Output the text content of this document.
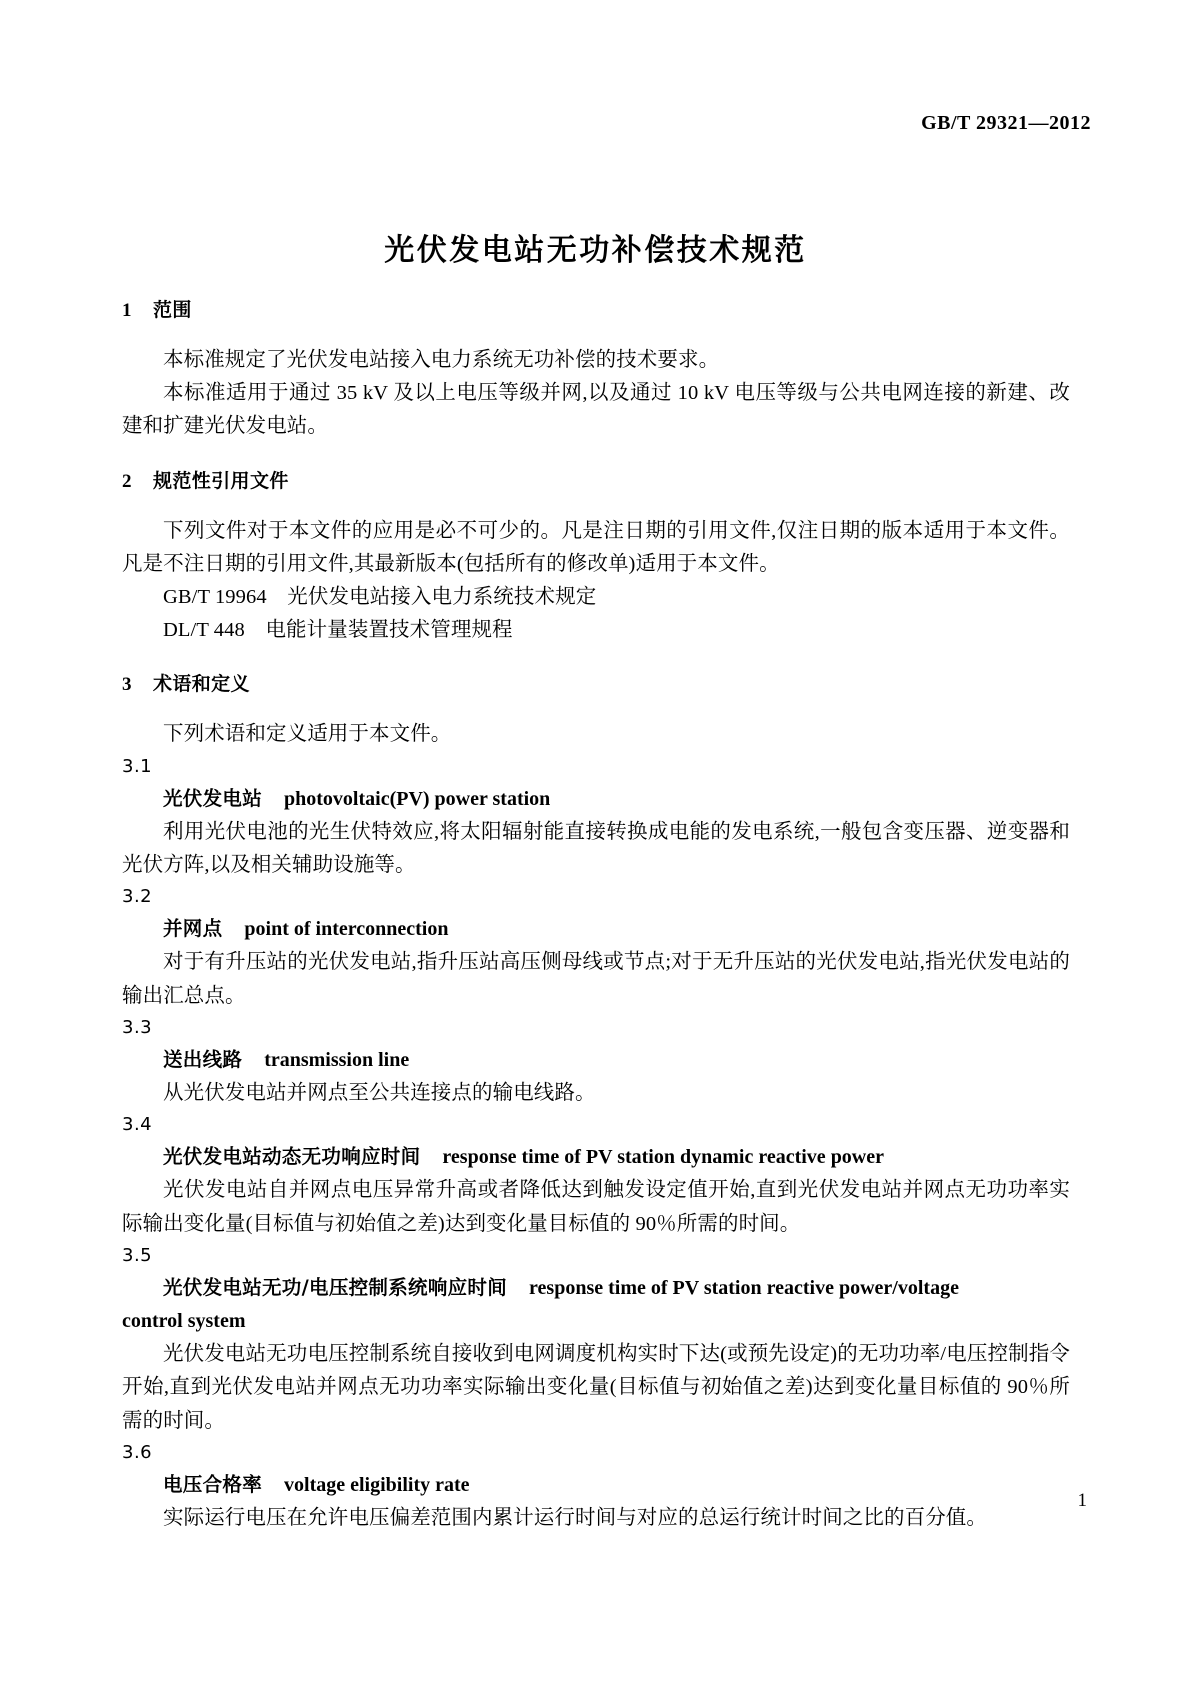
GB/T 29321—2012
光伏发电站无功补偿技术规范
1 范围

本标准规定了光伏发电站接入电力系统无功补偿的技术要求。

本标准适用于通过 35 kV 及以上电压等级并网,以及通过 10 kV 电压等级与公共电网连接的新建、改建和扩建光伏发电站。

2 规范性引用文件

下列文件对于本文件的应用是必不可少的。凡是注日期的引用文件,仅注日期的版本适用于本文件。凡是不注日期的引用文件,其最新版本(包括所有的修改单)适用于本文件。

GB/T 19964　光伏发电站接入电力系统技术规定

DL/T 448　电能计量装置技术管理规程

3 术语和定义

下列术语和定义适用于本文件。

3.1

光伏发电站 photovoltaic(PV) power station

利用光伏电池的光生伏特效应,将太阳辐射能直接转换成电能的发电系统,一般包含变压器、逆变器和光伏方阵,以及相关辅助设施等。

3.2

并网点 point of interconnection

对于有升压站的光伏发电站,指升压站高压侧母线或节点;对于无升压站的光伏发电站,指光伏发电站的输出汇总点。

3.3

送出线路 transmission line

从光伏发电站并网点至公共连接点的输电线路。

3.4

光伏发电站动态无功响应时间 response time of PV station dynamic reactive power

光伏发电站自并网点电压异常升高或者降低达到触发设定值开始,直到光伏发电站并网点无功功率实际输出变化量(目标值与初始值之差)达到变化量目标值的 90％所需的时间。

3.5

光伏发电站无功/电压控制系统响应时间 response time of PV station reactive power/voltage

control system

光伏发电站无功电压控制系统自接收到电网调度机构实时下达(或预先设定)的无功功率/电压控制指令开始,直到光伏发电站并网点无功功率实际输出变化量(目标值与初始值之差)达到变化量目标值的 90％所需的时间。

3.6

电压合格率 voltage eligibility rate

实际运行电压在允许电压偏差范围内累计运行时间与对应的总运行统计时间之比的百分值。

1
